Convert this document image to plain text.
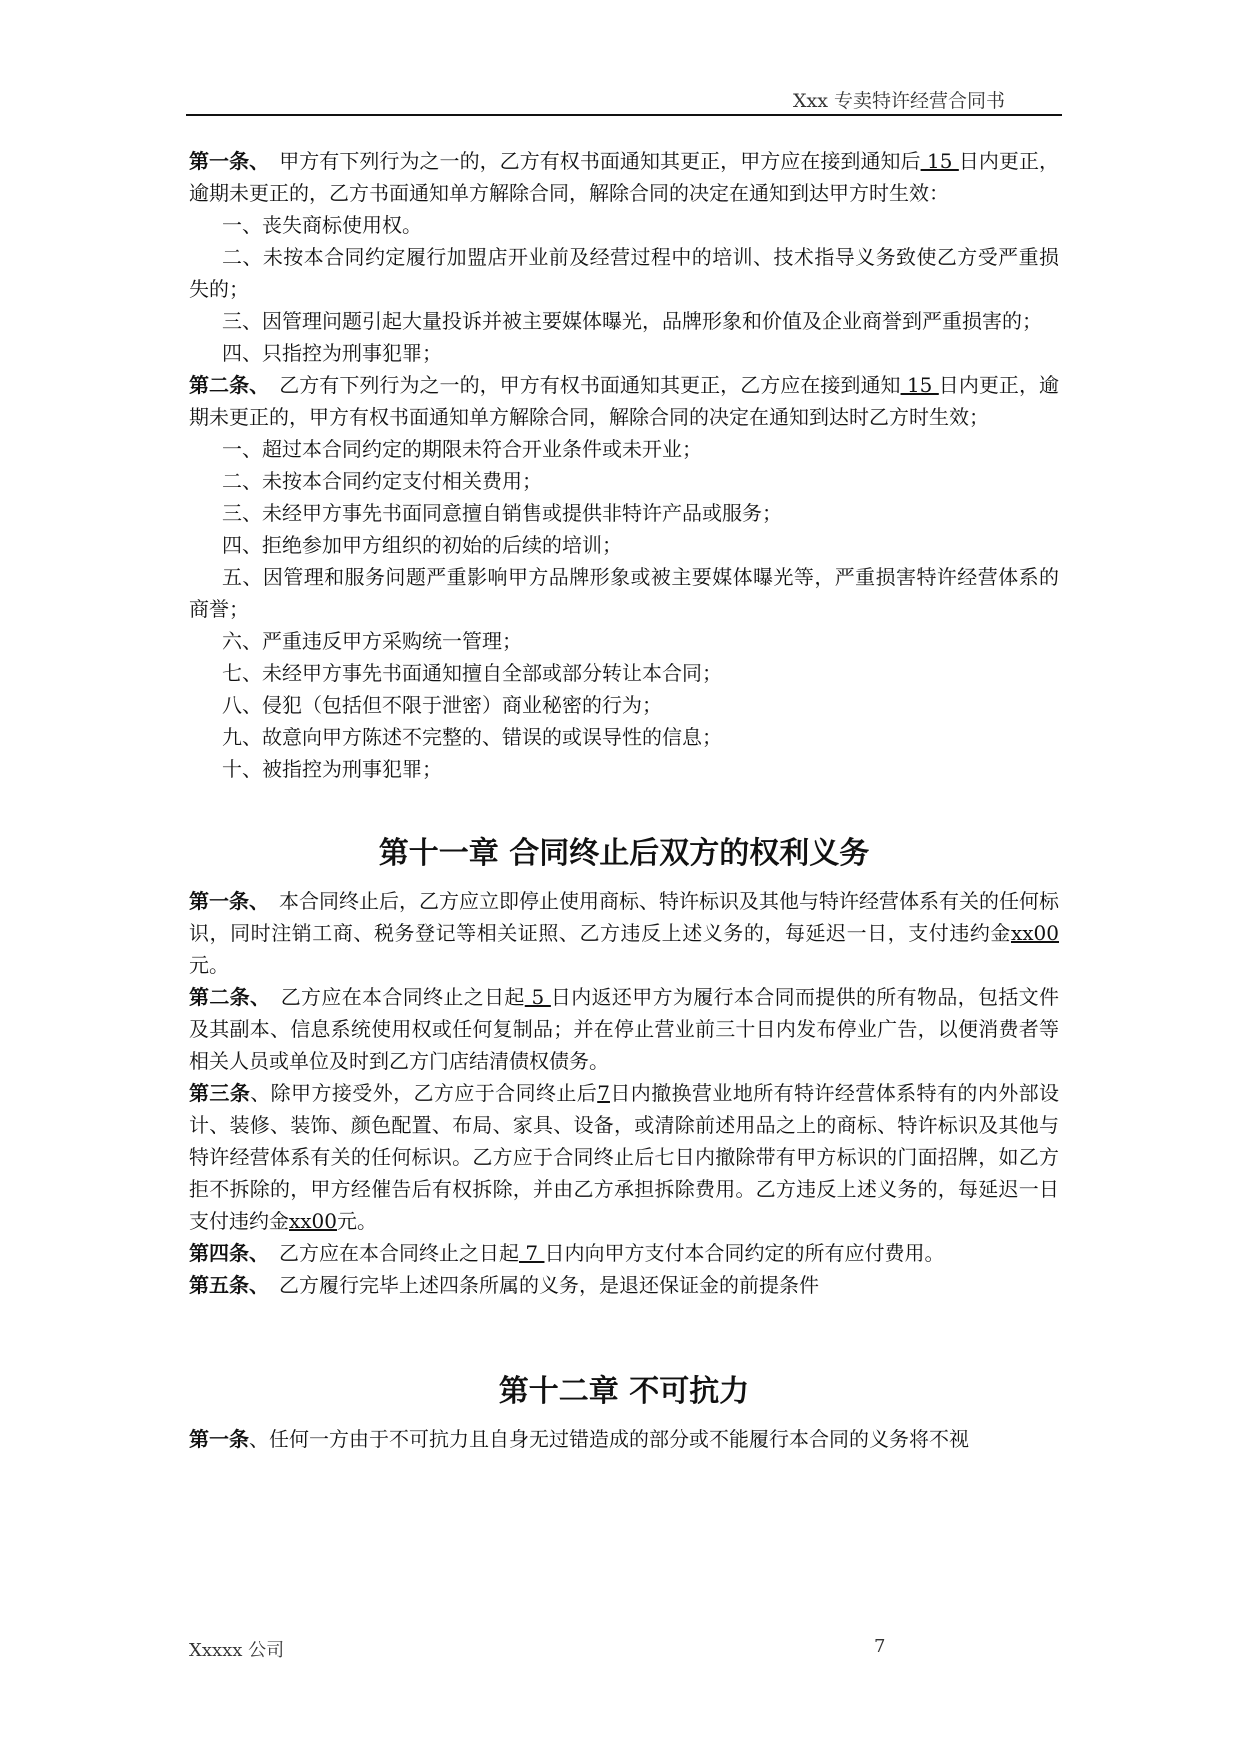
Xxx 专卖特许经营合同书

第一条、　甲方有下列行为之一的，乙方有权书面通知其更正，甲方应在接到通知后 15 日内更正，逾期未更正的，乙方书面通知单方解除合同，解除合同的决定在通知到达甲方时生效：

一、丧失商标使用权。

二、未按本合同约定履行加盟店开业前及经营过程中的培训、技术指导义务致使乙方受严重损失的；

三、因管理问题引起大量投诉并被主要媒体曝光，品牌形象和价值及企业商誉到严重损害的；

四、只指控为刑事犯罪；

第二条、　乙方有下列行为之一的，甲方有权书面通知其更正，乙方应在接到通知 15 日内更正，逾期未更正的，甲方有权书面通知单方解除合同，解除合同的决定在通知到达时乙方时生效；

一、超过本合同约定的期限未符合开业条件或未开业；

二、未按本合同约定支付相关费用；

三、未经甲方事先书面同意擅自销售或提供非特许产品或服务；

四、拒绝参加甲方组织的初始的后续的培训；

五、因管理和服务问题严重影响甲方品牌形象或被主要媒体曝光等，严重损害特许经营体系的商誉；

六、严重违反甲方采购统一管理；

七、未经甲方事先书面通知擅自全部或部分转让本合同；

八、侵犯（包括但不限于泄密）商业秘密的行为；

九、故意向甲方陈述不完整的、错误的或误导性的信息；

十、被指控为刑事犯罪；

第十一章 合同终止后双方的权利义务

第一条、　本合同终止后，乙方应立即停止使用商标、特许标识及其他与特许经营体系有关的任何标识，同时注销工商、税务登记等相关证照、乙方违反上述义务的，每延迟一日，支付违约金xx00元。

第二条、　乙方应在本合同终止之日起 5 日内返还甲方为履行本合同而提供的所有物品，包括文件及其副本、信息系统使用权或任何复制品；并在停止营业前三十日内发布停业广告，以便消费者等相关人员或单位及时到乙方门店结清债权债务。

第三条、除甲方接受外，乙方应于合同终止后7日内撤换营业地所有特许经营体系特有的内外部设计、装修、装饰、颜色配置、布局、家具、设备，或清除前述用品之上的商标、特许标识及其他与特许经营体系有关的任何标识。乙方应于合同终止后七日内撤除带有甲方标识的门面招牌，如乙方拒不拆除的，甲方经催告后有权拆除，并由乙方承担拆除费用。乙方违反上述义务的，每延迟一日支付违约金xx00元。

第四条、　乙方应在本合同终止之日起 7 日内向甲方支付本合同约定的所有应付费用。

第五条、　乙方履行完毕上述四条所属的义务，是退还保证金的前提条件

第十二章 不可抗力

第一条、任何一方由于不可抗力且自身无过错造成的部分或不能履行本合同的义务将不视

Xxxxx 公司	7
